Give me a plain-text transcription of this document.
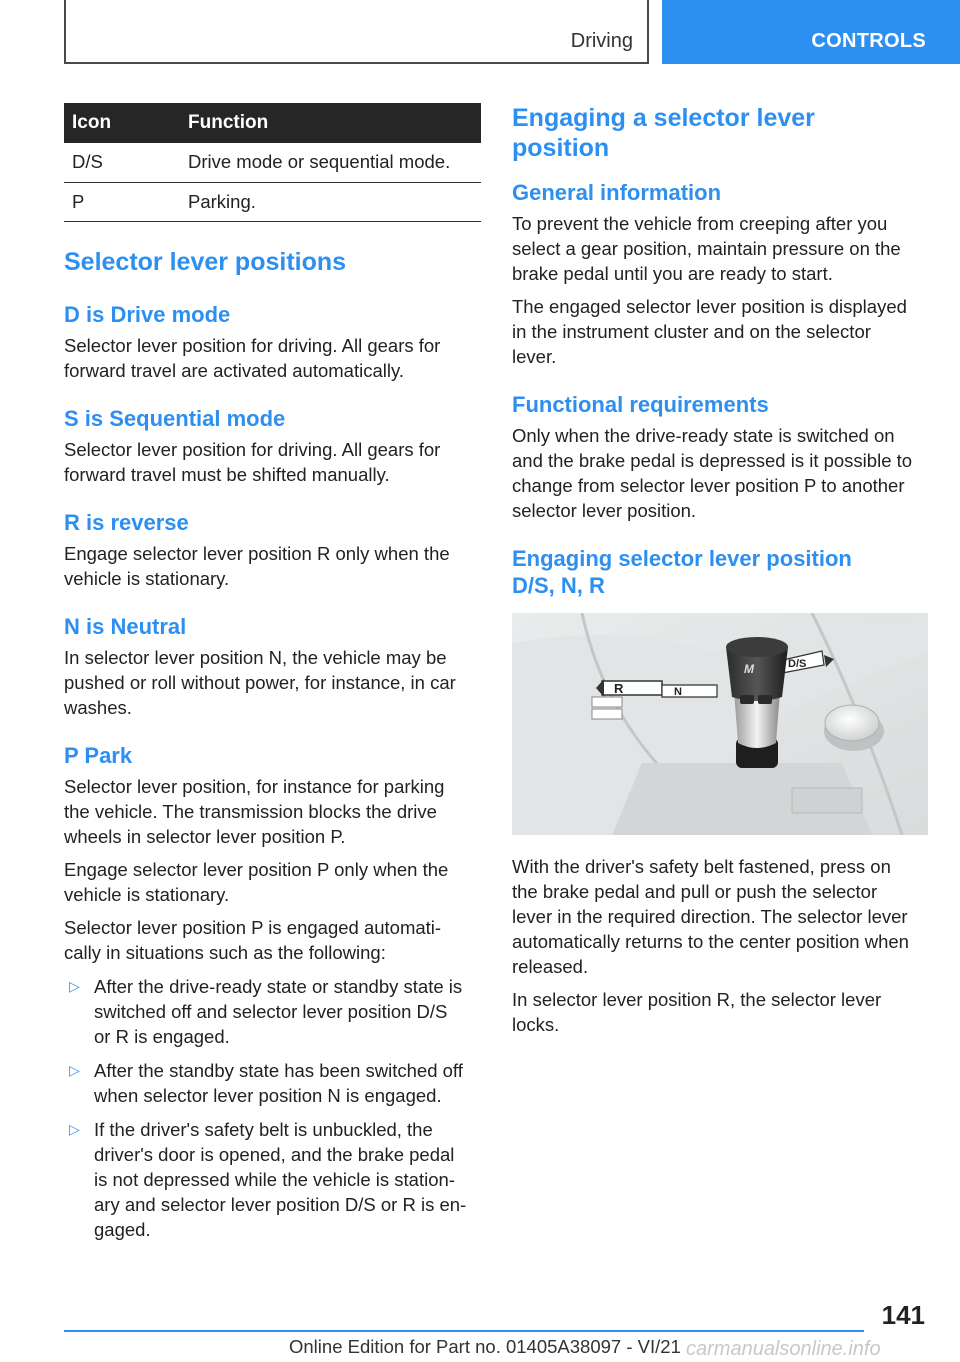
Driving	CONTROLS
Icon	Function
D/S	Drive mode or sequential mode.
P	Parking.
Selector lever positions
D is Drive mode

Selector lever position for driving. All gears for
forward travel are activated automatically.

S is Sequential mode

Selector lever position for driving. All gears for
forward travel must be shifted manually.

R is reverse

Engage selector lever position R only when the
vehicle is stationary.

N is Neutral

In selector lever position N, the vehicle may be
pushed or roll without power, for instance, in car
washes.

P Park

Selector lever position, for instance for parking
the vehicle. The transmission blocks the drive
wheels in selector lever position P.

Engage selector lever position P only when the
vehicle is stationary.

Selector lever position P is engaged automati‐
cally in situations such as the following:

▷ After the drive-ready state or standby state is
switched off and selector lever position D/S
or R is engaged.
▷ After the standby state has been switched off
when selector lever position N is engaged.
▷ If the driver's safety belt is unbuckled, the
driver's door is opened, and the brake pedal
is not depressed while the vehicle is station‐
ary and selector lever position D/S or R is en‐
gaged.
Engaging a selector lever
position
General information

To prevent the vehicle from creeping after you
select a gear position, maintain pressure on the
brake pedal until you are ready to start.

The engaged selector lever position is displayed
in the instrument cluster and on the selector
lever.

Functional requirements

Only when the drive-ready state is switched on
and the brake pedal is depressed is it possible to
change from selector lever position P to another
selector lever position.

Engaging selector lever position
D/S, N, R
R	N
D/S
M

With the driver's safety belt fastened, press on
the brake pedal and pull or push the selector
lever in the required direction. The selector lever
automatically returns to the center position when
released.

In selector lever position R, the selector lever
locks.

141
Online Edition for Part no. 01405A38097 - VI/21 carmanualsonline.info
